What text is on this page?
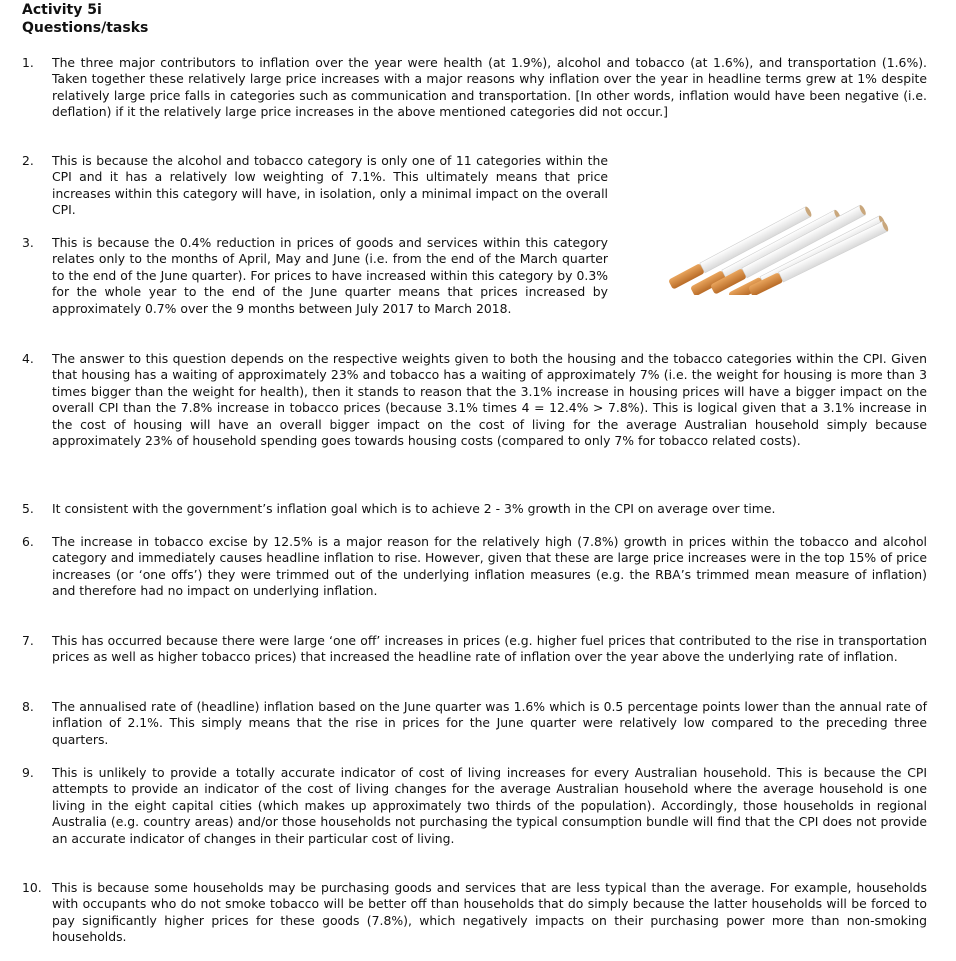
Activity 5i
Questions/tasks
1.	The three major contributors to inflation over the year were health (at 1.9%), alcohol and tobacco (at 1.6%), and transportation (1.6%). Taken together these relatively large price increases with a major reasons why inflation over the year in headline terms grew at 1% despite relatively large price falls in categories such as communication and transportation. [In other words, inflation would have been negative (i.e. deflation) if it the relatively large price increases in the above mentioned categories did not occur.]
2.	This is because the alcohol and tobacco category is only one of 11 categories within the CPI and it has a relatively low weighting of 7.1%. This ultimately means that price increases within this category will have, in isolation, only a minimal impact on the overall CPI.
3.	This is because the 0.4% reduction in prices of goods and services within this category relates only to the months of April, May and June (i.e. from the end of the March quarter to the end of the June quarter). For prices to have increased within this category by 0.3% for the whole year to the end of the June quarter means that prices increased by approximately 0.7% over the 9 months between July 2017 to March 2018.
4.	The answer to this question depends on the respective weights given to both the housing and the tobacco categories within the CPI. Given that housing has a waiting of approximately 23% and tobacco has a waiting of approximately 7% (i.e. the weight for housing is more than 3 times bigger than the weight for health), then it stands to reason that the 3.1% increase in housing prices will have a bigger impact on the overall CPI than the 7.8% increase in tobacco prices (because 3.1% times 4 = 12.4% > 7.8%). This is logical given that a 3.1% increase in the cost of housing will have an overall bigger impact on the cost of living for the average Australian household simply because approximately 23% of household spending goes towards housing costs (compared to only 7% for tobacco related costs).
5.	It consistent with the government’s inflation goal which is to achieve 2 - 3% growth in the CPI on average over time.
6.	The increase in tobacco excise by 12.5% is a major reason for the relatively high (7.8%) growth in prices within the tobacco and alcohol category and immediately causes headline inflation to rise. However, given that these are large price increases were in the top 15% of price increases (or ‘one offs’) they were trimmed out of the underlying inflation measures (e.g. the RBA’s trimmed mean measure of inflation) and therefore had no impact on underlying inflation.
7.	This has occurred because there were large ‘one off’ increases in prices (e.g. higher fuel prices that contributed to the rise in transportation prices as well as higher tobacco prices) that increased the headline rate of inflation over the year above the underlying rate of inflation.
8.	The annualised rate of (headline) inflation based on the June quarter was 1.6% which is 0.5 percentage points lower than the annual rate of inflation of 2.1%. This simply means that the rise in prices for the June quarter were relatively low compared to the preceding three quarters.
9.	This is unlikely to provide a totally accurate indicator of cost of living increases for every Australian household. This is because the CPI attempts to provide an indicator of the cost of living changes for the average Australian household where the average household is one living in the eight capital cities (which makes up approximately two thirds of the population). Accordingly, those households in regional Australia (e.g. country areas) and/or those households not purchasing the typical consumption bundle will find that the CPI does not provide an accurate indicator of changes in their particular cost of living.
10. This is because some households may be purchasing goods and services that are less typical than the average. For example, households with occupants who do not smoke tobacco will be better off than households that do simply because the latter households will be forced to pay significantly higher prices for these goods (7.8%), which negatively impacts on their purchasing power more than non-smoking households.
